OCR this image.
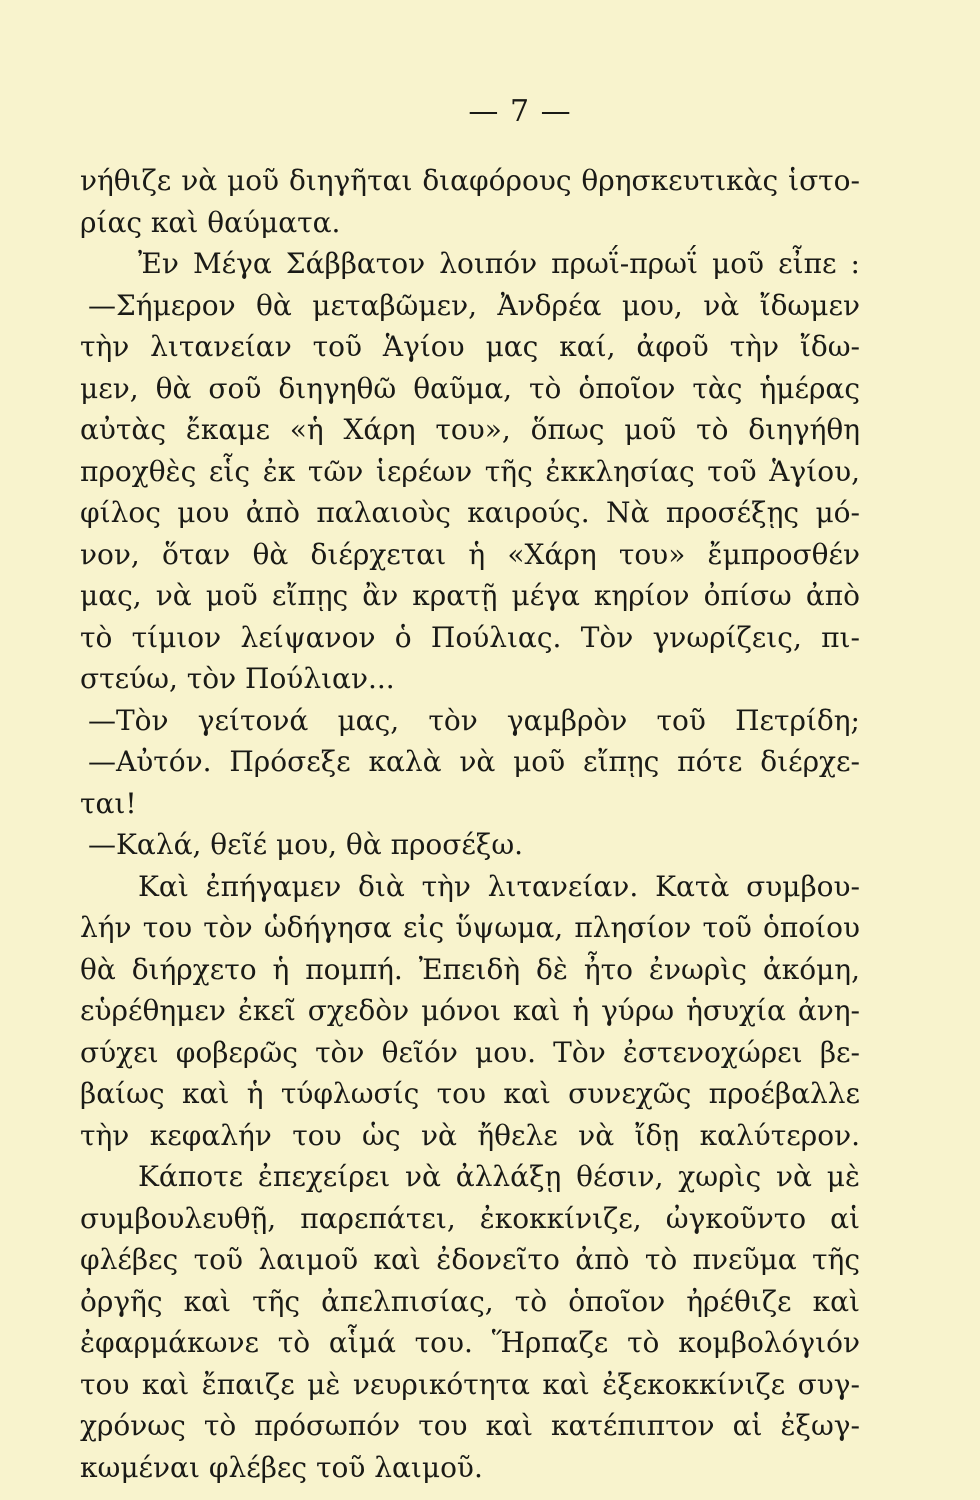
— 7 —
νήθιζε νὰ μοῦ διηγῆται διαφόρους θρησκευτικὰς ἱστο-
ρίας καὶ θαύματα.
Ἐν Μέγα Σάββατον λοιπόν πρωΐ-πρωΐ μοῦ εἶπε :
—Σήμερον θὰ μεταβῶμεν, Ἀνδρέα μου, νὰ ἴδωμεν
τὴν λιτανείαν τοῦ Ἁγίου μας καί, ἀφοῦ τὴν ἴδω-
μεν, θὰ σοῦ διηγηθῶ θαῦμα, τὸ ὁποῖον τὰς ἡμέρας
αὐτὰς ἔκαμε «ἡ Χάρη του», ὅπως μοῦ τὸ διηγήθη
προχθὲς εἷς ἐκ τῶν ἱερέων τῆς ἐκκλησίας τοῦ Ἁγίου,
φίλος μου ἀπὸ παλαιοὺς καιρούς. Νὰ προσέξῃς μό-
νον, ὅταν θὰ διέρχεται ἡ «Χάρη του» ἔμπροσθέν
μας, νὰ μοῦ εἴπῃς ἂν κρατῇ μέγα κηρίον ὀπίσω ἀπὸ
τὸ τίμιον λείψανον ὁ Πούλιας. Τὸν γνωρίζεις, πι-
στεύω, τὸν Πούλιαν...
—Τὸν γείτονά μας, τὸν γαμβρὸν τοῦ Πετρίδη;
—Αὐτόν. Πρόσεξε καλὰ νὰ μοῦ εἴπῃς πότε διέρχε-
ται!
—Καλά, θεῖέ μου, θὰ προσέξω.
Καὶ ἐπήγαμεν διὰ τὴν λιτανείαν. Κατὰ συμβου-
λήν του τὸν ὡδήγησα εἰς ὕψωμα, πλησίον τοῦ ὁποίου
θὰ διήρχετο ἡ πομπή. Ἐπειδὴ δὲ ἦτο ἐνωρὶς ἀκόμη,
εὑρέθημεν ἐκεῖ σχεδὸν μόνοι καὶ ἡ γύρω ἡσυχία ἀνη-
σύχει φοβερῶς τὸν θεῖόν μου. Τὸν ἐστενοχώρει βε-
βαίως καὶ ἡ τύφλωσίς του καὶ συνεχῶς προέβαλλε
τὴν κεφαλήν του ὡς νὰ ἤθελε νὰ ἴδῃ καλύτερον.
Κάποτε ἐπεχείρει νὰ ἀλλάξῃ θέσιν, χωρὶς νὰ μὲ
συμβουλευθῇ, παρεπάτει, ἐκοκκίνιζε, ὠγκοῦντο αἱ
φλέβες τοῦ λαιμοῦ καὶ ἐδονεῖτο ἀπὸ τὸ πνεῦμα τῆς
ὀργῆς καὶ τῆς ἀπελπισίας, τὸ ὁποῖον ἠρέθιζε καὶ
ἐφαρμάκωνε τὸ αἷμά του. Ἥρπαζε τὸ κομβολόγιόν
του καὶ ἔπαιζε μὲ νευρικότητα καὶ ἐξεκοκκίνιζε συγ-
χρόνως τὸ πρόσωπόν του καὶ κατέπιπτον αἱ ἐξωγ-
κωμέναι φλέβες τοῦ λαιμοῦ.
